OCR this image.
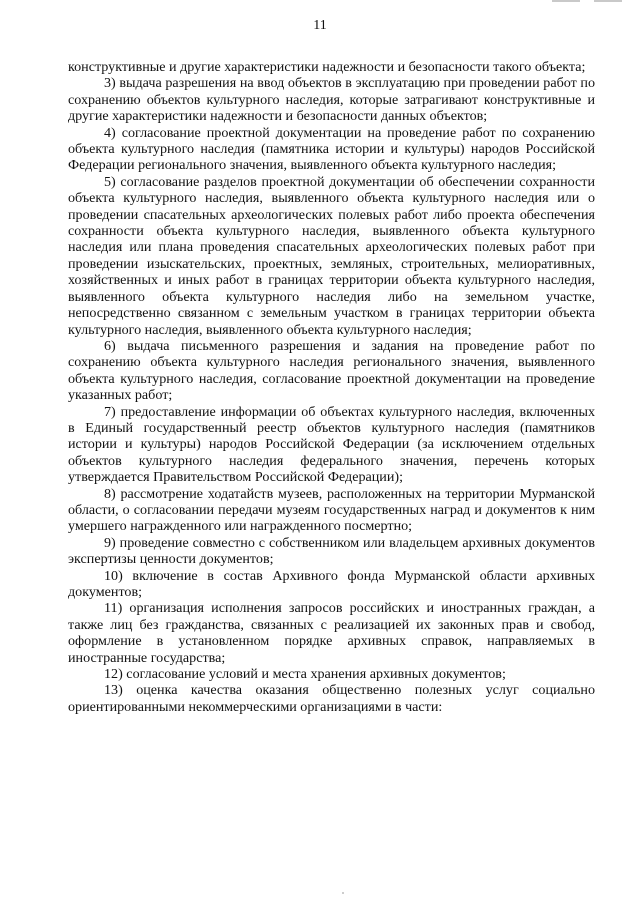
11

конструктивные и другие характеристики надежности и безопасности такого объекта;

3) выдача разрешения на ввод объектов в эксплуатацию при проведении работ по сохранению объектов культурного наследия, которые затрагивают конструктивные и другие характеристики надежности и безопасности данных объектов;

4) согласование проектной документации на проведение работ по сохранению объекта культурного наследия (памятника истории и культуры) народов Российской Федерации регионального значения, выявленного объекта культурного наследия;

5) согласование разделов проектной документации об обеспечении сохранности объекта культурного наследия, выявленного объекта культурного наследия или о проведении спасательных археологических полевых работ либо проекта обеспечения сохранности объекта культурного наследия, выявленного объекта культурного наследия или плана проведения спасательных археологических полевых работ при проведении изыскательских, проектных, земляных, строительных, мелиоративных, хозяйственных и иных работ в границах территории объекта культурного наследия, выявленного объекта культурного наследия либо на земельном участке, непосредственно связанном с земельным участком в границах территории объекта культурного наследия, выявленного объекта культурного наследия;

6) выдача письменного разрешения и задания на проведение работ по сохранению объекта культурного наследия регионального значения, выявленного объекта культурного наследия, согласование проектной документации на проведение указанных работ;

7) предоставление информации об объектах культурного наследия, включенных в Единый государственный реестр объектов культурного наследия (памятников истории и культуры) народов Российской Федерации (за исключением отдельных объектов культурного наследия федерального значения, перечень которых утверждается Правительством Российской Федерации);

8) рассмотрение ходатайств музеев, расположенных на территории Мурманской области, о согласовании передачи музеям государственных наград и документов к ним умершего награжденного или награжденного посмертно;

9) проведение совместно с собственником или владельцем архивных документов экспертизы ценности документов;

10) включение в состав Архивного фонда Мурманской области архивных документов;

11) организация исполнения запросов российских и иностранных граждан, а также лиц без гражданства, связанных с реализацией их законных прав и свобод, оформление в установленном порядке архивных справок, направляемых в иностранные государства;

12) согласование условий и места хранения архивных документов;

13) оценка качества оказания общественно полезных услуг социально ориентированными некоммерческими организациями в части:
